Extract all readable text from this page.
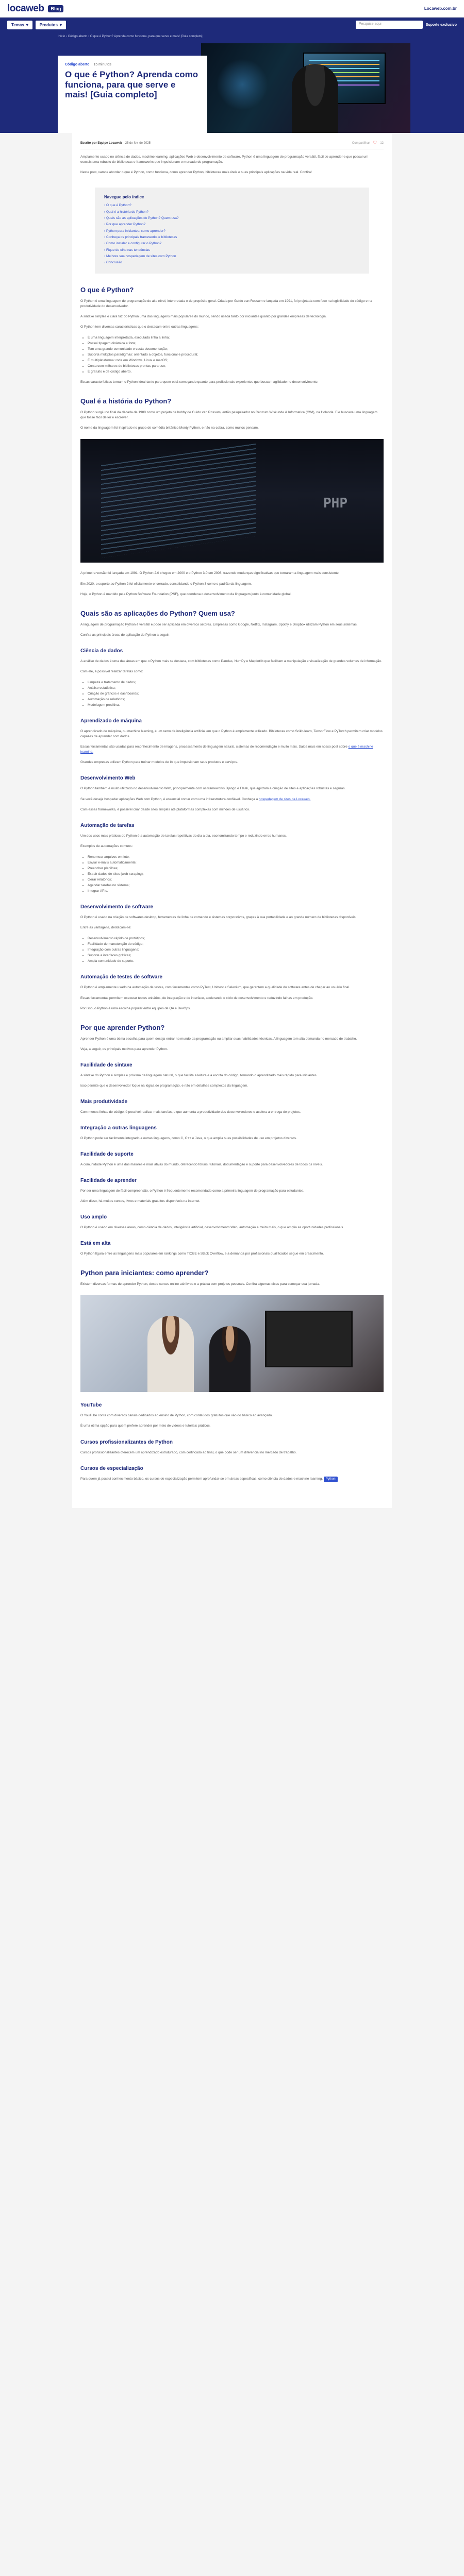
locaweb	Blog	Locaweb.com.br
Temas ▾	Produtos ▾	Pesquise aqui	Suporte exclusivo
Início › Código aberto › O que é Python? Aprenda como funciona, para que serve e mais! [Guia completo]
Código aberto 15 minutos
O que é Python? Aprenda como funciona, para que serve e mais! [Guia completo]
Escrito por Equipe Locaweb 25 de fev. de 2025	Compartilhar ♡ 12

Amplamente usado no ciência de dados, machine learning, aplicações Web e desenvolvimento de software, Python é uma linguagem de programação versátil, fácil de aprender e que possui um ecossistema robusto de bibliotecas e frameworks que impulsionam o mercado de programação.

Neste post, vamos abordar o que é Python, como funciona, como aprender Python, bibliotecas mais úteis e suas principais aplicações na vida real. Confira!

Navegue pelo índice
› O que é Python?
› Qual é a história do Python?
› Quais são as aplicações do Python? Quem usa?
› Por que aprender Python?
› Python para iniciantes: como aprender?
› Conheça os principais frameworks e bibliotecas
› Como instalar e configurar o Python?
› Fique de olho nas tendências
› Melhore sua hospedagem de sites com Python
› Conclusão
O que é Python?

O Python é uma linguagem de programação de alto nível, interpretada e de propósito geral. Criada por Guido van Rossum e lançada em 1991, foi projetada com foco na legibilidade do código e na produtividade do desenvolvedor.

A sintaxe simples e clara faz do Python uma das linguagens mais populares do mundo, sendo usada tanto por iniciantes quanto por grandes empresas de tecnologia.

O Python tem diversas características que o destacam entre outras linguagens:

• É uma linguagem interpretada, executada linha a linha;
• Possui tipagem dinâmica e forte;
• Tem uma grande comunidade e vasta documentação;
• Suporta múltiplos paradigmas: orientado a objetos, funcional e procedural;
• É multiplataforma: roda em Windows, Linux e macOS;
• Conta com milhares de bibliotecas prontas para uso;
• É gratuito e de código aberto.

Essas características tornam o Python ideal tanto para quem está começando quanto para profissionais experientes que buscam agilidade no desenvolvimento.

Qual é a história do Python?

O Python surgiu no final da década de 1980 como um projeto de hobby de Guido van Rossum, então pesquisador no Centrum Wiskunde & Informatica (CWI), na Holanda. Ele buscava uma linguagem que fosse fácil de ler e escrever.

O nome da linguagem foi inspirado no grupo de comédia britânico Monty Python, e não na cobra, como muitos pensam.

PHP

A primeira versão foi lançada em 1991. O Python 2.0 chegou em 2000 e o Python 3.0 em 2008, trazendo mudanças significativas que tornaram a linguagem mais consistente.

Em 2020, o suporte ao Python 2 foi oficialmente encerrado, consolidando o Python 3 como o padrão da linguagem.

Hoje, o Python é mantido pela Python Software Foundation (PSF), que coordena o desenvolvimento da linguagem junto à comunidade global.

Quais são as aplicações do Python? Quem usa?

A linguagem de programação Python é versátil e pode ser aplicada em diversos setores. Empresas como Google, Netflix, Instagram, Spotify e Dropbox utilizam Python em seus sistemas.

Confira as principais áreas de aplicação do Python a seguir.

Ciência de dados

A análise de dados é uma das áreas em que o Python mais se destaca, com bibliotecas como Pandas, NumPy e Matplotlib que facilitam a manipulação e visualização de grandes volumes de informação.

Com ele, é possível realizar tarefas como:

• Limpeza e tratamento de dados;
• Análise estatística;
• Criação de gráficos e dashboards;
• Automação de relatórios;
• Modelagem preditiva.
Aprendizado de máquina

O aprendizado de máquina, ou machine learning, é um ramo da inteligência artificial em que o Python é amplamente utilizado. Bibliotecas como Scikit-learn, TensorFlow e PyTorch permitem criar modelos capazes de aprender com dados.

Essas ferramentas são usadas para reconhecimento de imagens, processamento de linguagem natural, sistemas de recomendação e muito mais. Saiba mais em nosso post sobre o que é machine learning.

Grandes empresas utilizam Python para treinar modelos de IA que impulsionam seus produtos e serviços.

Desenvolvimento Web

O Python também é muito utilizado no desenvolvimento Web, principalmente com os frameworks Django e Flask, que agilizam a criação de sites e aplicações robustas e seguras.

Se você deseja hospedar aplicações Web com Python, é essencial contar com uma infraestrutura confiável. Conheça a hospedagem de sites da Locaweb.

Com esses frameworks, é possível criar desde sites simples até plataformas complexas com milhões de usuários.

Automação de tarefas

Um dos usos mais práticos do Python é a automação de tarefas repetitivas do dia a dia, economizando tempo e reduzindo erros humanos.

Exemplos de automações comuns:

• Renomear arquivos em lote;
• Enviar e-mails automaticamente;
• Preencher planilhas;
• Extrair dados de sites (web scraping);
• Gerar relatórios;
• Agendar tarefas no sistema;
• Integrar APIs.
Desenvolvimento de software

O Python é usado na criação de softwares desktop, ferramentas de linha de comando e sistemas corporativos, graças à sua portabilidade e ao grande número de bibliotecas disponíveis.

Entre as vantagens, destacam-se:

• Desenvolvimento rápido de protótipos;
• Facilidade de manutenção do código;
• Integração com outras linguagens;
• Suporte a interfaces gráficas;
• Ampla comunidade de suporte.
Automação de testes de software

O Python é amplamente usado na automação de testes, com ferramentas como PyTest, Unittest e Selenium, que garantem a qualidade do software antes de chegar ao usuário final.

Essas ferramentas permitem executar testes unitários, de integração e de interface, acelerando o ciclo de desenvolvimento e reduzindo falhas em produção.

Por isso, o Python é uma escolha popular entre equipes de QA e DevOps.

Por que aprender Python?

Aprender Python é uma ótima escolha para quem deseja entrar no mundo da programação ou ampliar suas habilidades técnicas. A linguagem tem alta demanda no mercado de trabalho.

Veja, a seguir, os principais motivos para aprender Python.

Facilidade de sintaxe

A sintaxe do Python é simples e próxima da linguagem natural, o que facilita a leitura e a escrita do código, tornando o aprendizado mais rápido para iniciantes.

Isso permite que o desenvolvedor foque na lógica de programação, e não em detalhes complexos da linguagem.

Mais produtividade

Com menos linhas de código, é possível realizar mais tarefas, o que aumenta a produtividade dos desenvolvedores e acelera a entrega de projetos.

Integração a outras linguagens

O Python pode ser facilmente integrado a outras linguagens, como C, C++ e Java, o que amplia suas possibilidades de uso em projetos diversos.

Facilidade de suporte

A comunidade Python é uma das maiores e mais ativas do mundo, oferecendo fóruns, tutoriais, documentação e suporte para desenvolvedores de todos os níveis.

Facilidade de aprender

Por ser uma linguagem de fácil compreensão, o Python é frequentemente recomendado como a primeira linguagem de programação para estudantes.

Além disso, há muitos cursos, livros e materiais gratuitos disponíveis na internet.

Uso amplo

O Python é usado em diversas áreas, como ciência de dados, inteligência artificial, desenvolvimento Web, automação e muito mais, o que amplia as oportunidades profissionais.

Está em alta

O Python figura entre as linguagens mais populares em rankings como TIOBE e Stack Overflow, e a demanda por profissionais qualificados segue em crescimento.

Python para iniciantes: como aprender?

Existem diversas formas de aprender Python, desde cursos online até livros e a prática com projetos pessoais. Confira algumas dicas para começar sua jornada.

YouTube

O YouTube conta com diversos canais dedicados ao ensino de Python, com conteúdos gratuitos que vão do básico ao avançado.

É uma ótima opção para quem prefere aprender por meio de vídeos e tutoriais práticos.

Cursos profissionalizantes de Python

Cursos profissionalizantes oferecem um aprendizado estruturado, com certificado ao final, o que pode ser um diferencial no mercado de trabalho.

Cursos de especialização

Para quem já possui conhecimento básico, os cursos de especialização permitem aprofundar-se em áreas específicas, como ciência de dados e machine learning. Python
